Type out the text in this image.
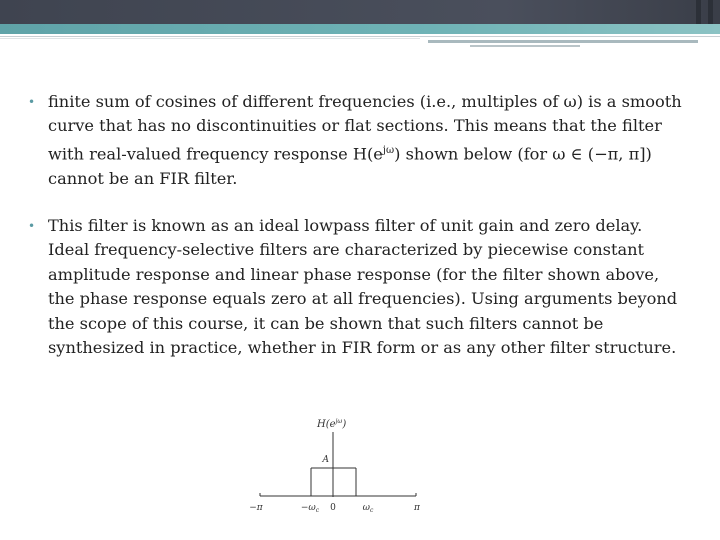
• finite sum of cosines of different frequencies (i.e., multiples of ω) is a smooth
curve that has no discontinuities or flat sections. This means that the filter
with real-valued frequency response $H(e^{j\omega})$ shown below (for ω ∈ (−π, π])
cannot be an FIR filter.
• This filter is known as an ideal lowpass filter of unit gain and zero delay.
Ideal frequency-selective filters are characterized by piecewise constant
amplitude response and linear phase response (for the filter shown above,
the phase response equals zero at all frequencies). Using arguments beyond
the scope of this course, it can be shown that such filters cannot be
synthesized in practice, whether in FIR form or as any other filter structure.
$H(e^{j\omega})$
A
−π	$-\omega_c$ 0	$\omega_c$	π
